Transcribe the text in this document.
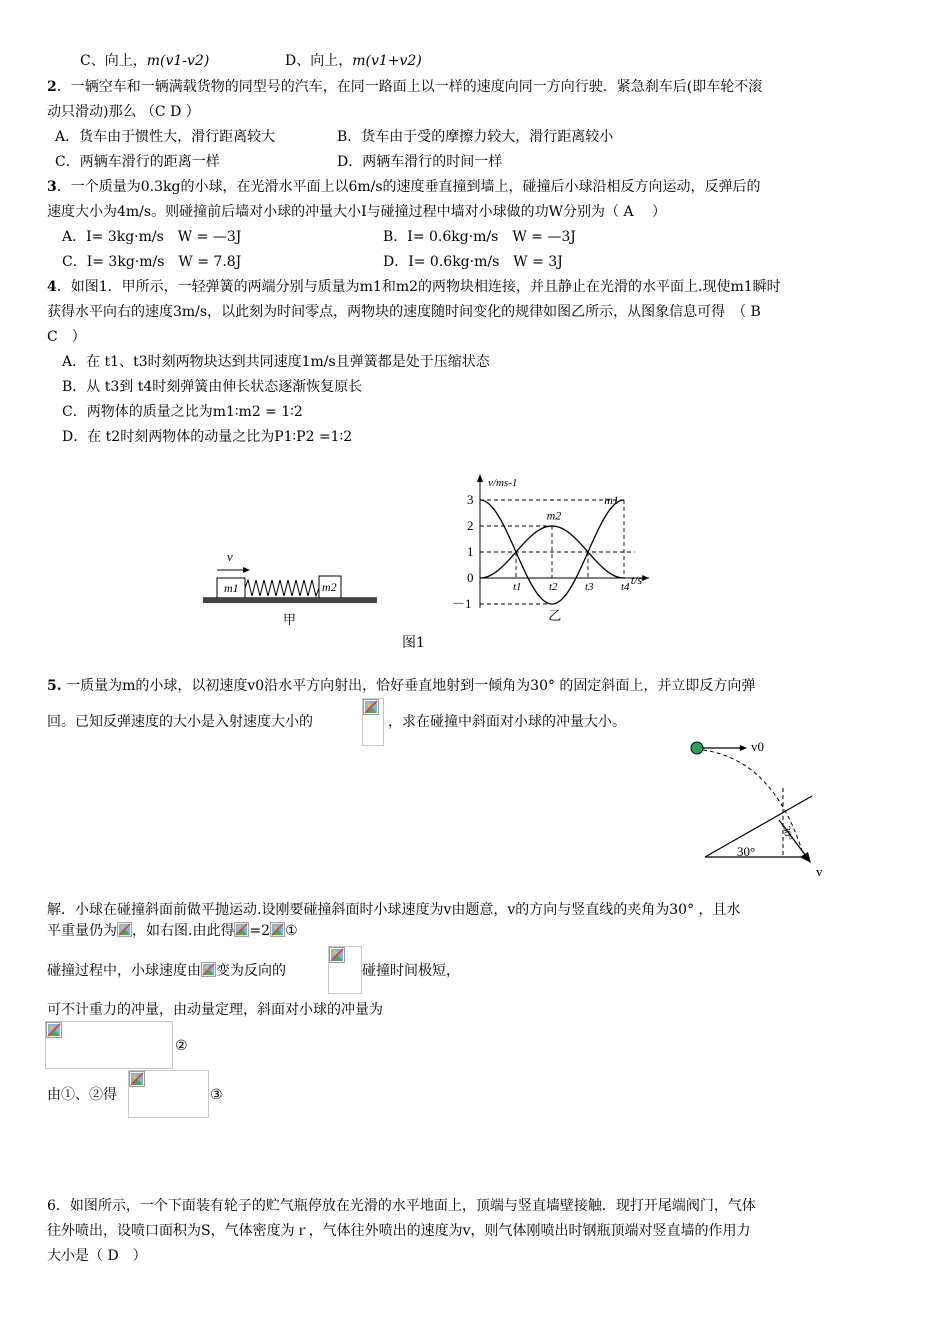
C、向上，m(v1-v2)	D、向上，m(v1+v2)
2．一辆空车和一辆满载货物的同型号的汽车，在同一路面上以一样的速度向同一方向行驶．紧急刹车后(即车轮不滚
动只滑动)那么 （C D ）
A．货车由于惯性大，滑行距离较大	B．货车由于受的摩擦力较大，滑行距离较小
C．两辆车滑行的距离一样	D．两辆车滑行的时间一样
3．一个质量为0.3kg的小球，在光滑水平面上以6m/s的速度垂直撞到墙上，碰撞后小球沿相反方向运动，反弹后的
速度大小为4m/s。则碰撞前后墙对小球的冲量大小I与碰撞过程中墙对小球做的功W分别为（ A　 ）
A．I= 3kg·m/s　W = —3J	B．I= 0.6kg·m/s　W = —3J
C．I= 3kg·m/s　W = 7.8J	D．I= 0.6kg·m/s　W = 3J
4．如图1．甲所示，一轻弹簧的两端分别与质量为m1和m2的两物块相连接，并且静止在光滑的水平面上.现使m1瞬时
获得水平向右的速度3m/s，以此刻为时间零点，两物块的速度随时间变化的规律如图乙所示，从图象信息可得　（ B
C　）
A．在 t1、t3时刻两物块达到共同速度1m/s且弹簧都是处于压缩状态
B．从 t3到 t4时刻弹簧由伸长状态逐渐恢复原长
C．两物体的质量之比为m1∶m2 = 1∶2
D．在 t2时刻两物体的动量之比为P1∶P2 =1∶2
v
m1	m2
甲
3
2
1
0
－1
t1 t2 t3 t4
v/ms-1
t/s
m1
m2
乙
图1
5. 一质量为m的小球，以初速度v0沿水平方向射出，恰好垂直地射到一倾角为30° 的固定斜面上，并立即反方向弹
回。已知反弹速度的大小是入射速度大小的	，求在碰撞中斜面对小球的冲量大小。
v0
30°
30°
v
解．小球在碰撞斜面前做平抛运动.设刚要碰撞斜面时小球速度为v由题意，v的方向与竖直线的夹角为30° ，且水
平重量仍为 ，如右图.由此得 =2 ①
碰撞过程中，小球速度由 变为反向的	碰撞时间极短，
可不计重力的冲量，由动量定理，斜面对小球的冲量为
②
由①、②得	③
6．如图所示，一个下面装有轮子的贮气瓶停放在光滑的水平地面上，顶端与竖直墙壁接触．现打开尾端阀门，气体
往外喷出，设喷口面积为S，气体密度为ｒ，气体往外喷出的速度为v，则气体刚喷出时钢瓶顶端对竖直墙的作用力
大小是（ D　）
